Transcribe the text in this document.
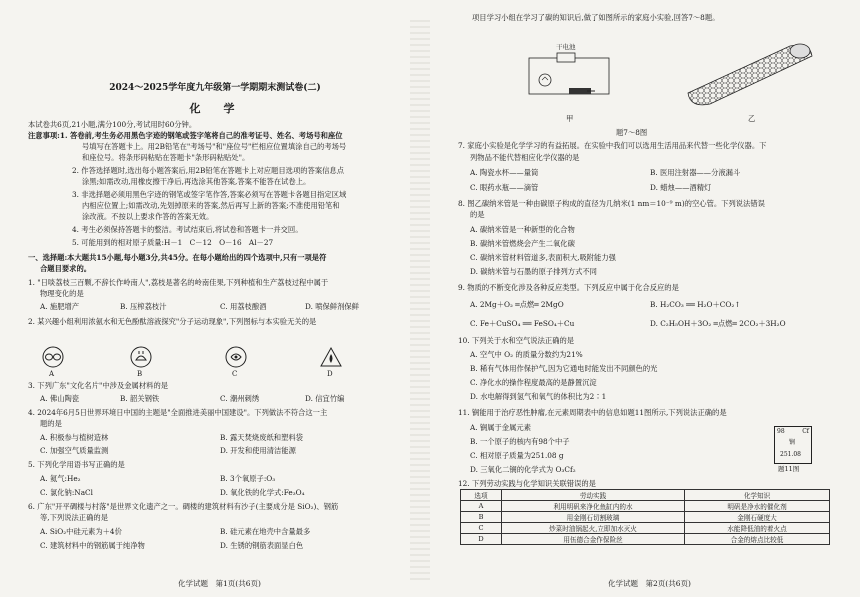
2024～2025学年度九年级第一学期期末测试卷(二)
化　学
本试卷共6页,21小题,满分100分,考试用时60分钟。
注意事项:1. 答卷前,考生务必用黑色字迹的钢笔或签字笔将自己的准考证号、姓名、考场号和座位
号填写在答题卡上。用2B铅笔在"考场号"和"座位号"栏相应位置填涂自己的考场号
和座位号。将条形码粘贴在答题卡"条形码粘贴处"。
2. 作答选择题时,选出每小题答案后,用2B铅笔在答题卡上对应题目选项的答案信息点
涂黑;如需改动,用橡皮擦干净后,再选涂其他答案,答案不能答在试卷上。
3. 非选择题必须用黑色字迹的钢笔或签字笔作答,答案必须写在答题卡各题目指定区域
内相应位置上;如需改动,先划掉原来的答案,然后再写上新的答案;不准使用铅笔和
涂改液。不按以上要求作答的答案无效。
4. 考生必须保持答题卡的整洁。考试结束后,将试卷和答题卡一并交回。
5. 可能用到的相对原子质量:H－1　C－12　O－16　Al－27
一、选择题:本大题共15小题,每小题3分,共45分。在每小题给出的四个选项中,只有一项是符
合题目要求的。
1. "日啖荔枝三百颗,不辞长作岭南人",荔枝是著名的岭南佳果,下列种植和生产荔枝过程中属于
物理变化的是
A. 施肥增产	B. 压榨荔枝汁	C. 用荔枝酿酒	D. 喷保鲜剂保鲜
2. 某兴趣小组利用浓氨水和无色酚酞溶液探究"分子运动现象",下列图标与本实验无关的是
A	B	C	D
3. 下列广东"文化名片"中涉及金属材料的是
A. 佛山陶瓷	B. 韶关钢铁	C. 潮州刺绣	D. 信宜竹编
4. 2024年6月5日世界环境日中国的主题是"全面推进美丽中国建设"。下列做法不符合这一主
题的是
A. 积极参与植树造林	B. 露天焚烧废纸和塑料袋
C. 加强空气质量监测	D. 开发和使用清洁能源
5. 下列化学用语书写正确的是
A. 氦气:He₂	B. 3个氧原子:O₃
C. 氯化钠:NaCl	D. 氧化铁的化学式:Fe₃O₄
6. 广东"开平碉楼与村落"是世界文化遗产之一。碉楼的建筑材料有沙子(主要成分是 SiO₂)、钢筋
等,下列说法正确的是
A. SiO₂中硅元素为＋4价	B. 硅元素在地壳中含量最多
C. 建筑材料中的钢筋属于纯净物	D. 生锈的钢筋表面显白色
化学试题　第1页(共6页)
项目学习小组在学习了碳的知识后,做了如图所示的家庭小实验,回答7～8题。
干电池
甲	乙
题7～8图
7. 家庭小实验是化学学习的有益拓展。在实验中我们可以选用生活用品来代替一些化学仪器。下
列物品不能代替相应化学仪器的是
A. 陶瓷水杯——量筒	B. 医用注射器——分液漏斗
C. 眼药水瓶——滴管	D. 蜡烛——酒精灯
8. 图乙碳纳米管是一种由碳原子构成的直径为几纳米(1 nm＝10⁻⁹ m)的空心管。下列说法错误
的是
A. 碳纳米管是一种新型的化合物
B. 碳纳米管燃烧会产生二氧化碳
C. 碳纳米管材料管道多,表面积大,吸附能力强
D. 碳纳米管与石墨的原子排列方式不同
9. 物质的不断变化涉及各种反应类型。下列反应中属于化合反应的是
A. 2Mg＋O₂ ═点燃═ 2MgO	B. H₂CO₃ ══ H₂O＋CO₂↑
C. Fe＋CuSO₄ ══ FeSO₄＋Cu	D. C₂H₅OH＋3O₂ ═点燃═ 2CO₂＋3H₂O
10. 下列关于水和空气说法正确的是
A. 空气中 O₂ 的质量分数约为21%
B. 稀有气体用作保护气,因为它通电时能发出不同颜色的光
C. 净化水的操作程度最高的是静置沉淀
D. 水电解得到氢气和氧气的体积比为2∶1
11. 锎能用于治疗恶性肿瘤,在元素周期表中的信息如题11图所示,下列说法正确的是
A. 锎属于金属元素
B. 一个原子的核内有98个中子
C. 相对原子质量为251.08 g
D. 三氧化二锎的化学式为 O₃Cf₂
12. 下列劳动实践与化学知识关联错误的是
化学试题　第2页(共6页)
98	Cf
锎
251.08
题11图
选项	劳动实践	化学知识
A	利用明矾来净化鱼缸内的水	明矾是净水的催化剂
B	用金刚石切割玻璃	金刚石硬度大
C	炒菜时油锅起火,立即加水灭火	水能降低油的着火点
D	用伍德合金作保险丝	合金的熔点比较低
